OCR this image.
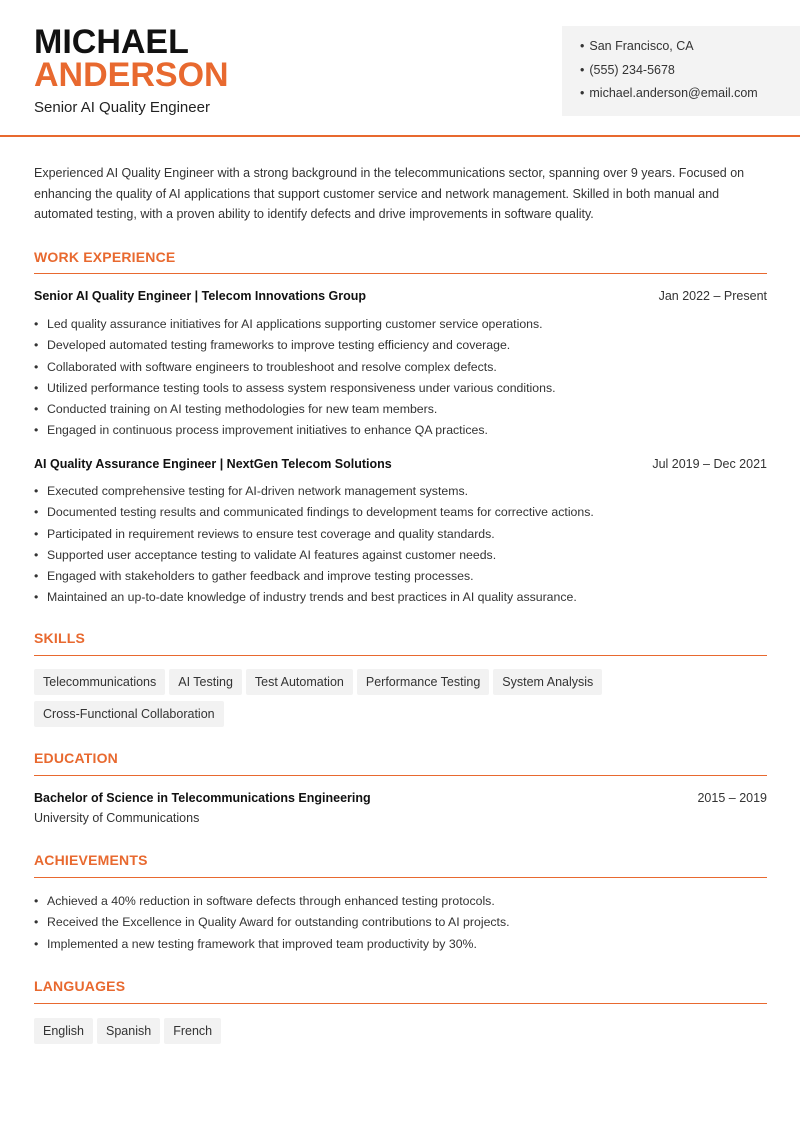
MICHAEL
ANDERSON
Senior AI Quality Engineer
• San Francisco, CA
• (555) 234-5678
• michael.anderson@email.com

Experienced AI Quality Engineer with a strong background in the telecommunications sector, spanning over 9 years. Focused on enhancing the quality of AI applications that support customer service and network management. Skilled in both manual and automated testing, with a proven ability to identify defects and drive improvements in software quality.

WORK EXPERIENCE
Senior AI Quality Engineer | Telecom Innovations Group	Jan 2022 – Present
• Led quality assurance initiatives for AI applications supporting customer service operations.
• Developed automated testing frameworks to improve testing efficiency and coverage.
• Collaborated with software engineers to troubleshoot and resolve complex defects.
• Utilized performance testing tools to assess system responsiveness under various conditions.
• Conducted training on AI testing methodologies for new team members.
• Engaged in continuous process improvement initiatives to enhance QA practices.
AI Quality Assurance Engineer | NextGen Telecom Solutions	Jul 2019 – Dec 2021
• Executed comprehensive testing for AI-driven network management systems.
• Documented testing results and communicated findings to development teams for corrective actions.
• Participated in requirement reviews to ensure test coverage and quality standards.
• Supported user acceptance testing to validate AI features against customer needs.
• Engaged with stakeholders to gather feedback and improve testing processes.
• Maintained an up-to-date knowledge of industry trends and best practices in AI quality assurance.
SKILLS
Telecommunications AI Testing Test Automation Performance Testing System AnalysisCross-Functional Collaboration
EDUCATION
Bachelor of Science in Telecommunications Engineering	2015 – 2019
University of Communications
ACHIEVEMENTS
• Achieved a 40% reduction in software defects through enhanced testing protocols.
• Received the Excellence in Quality Award for outstanding contributions to AI projects.
• Implemented a new testing framework that improved team productivity by 30%.
LANGUAGES
English Spanish French
